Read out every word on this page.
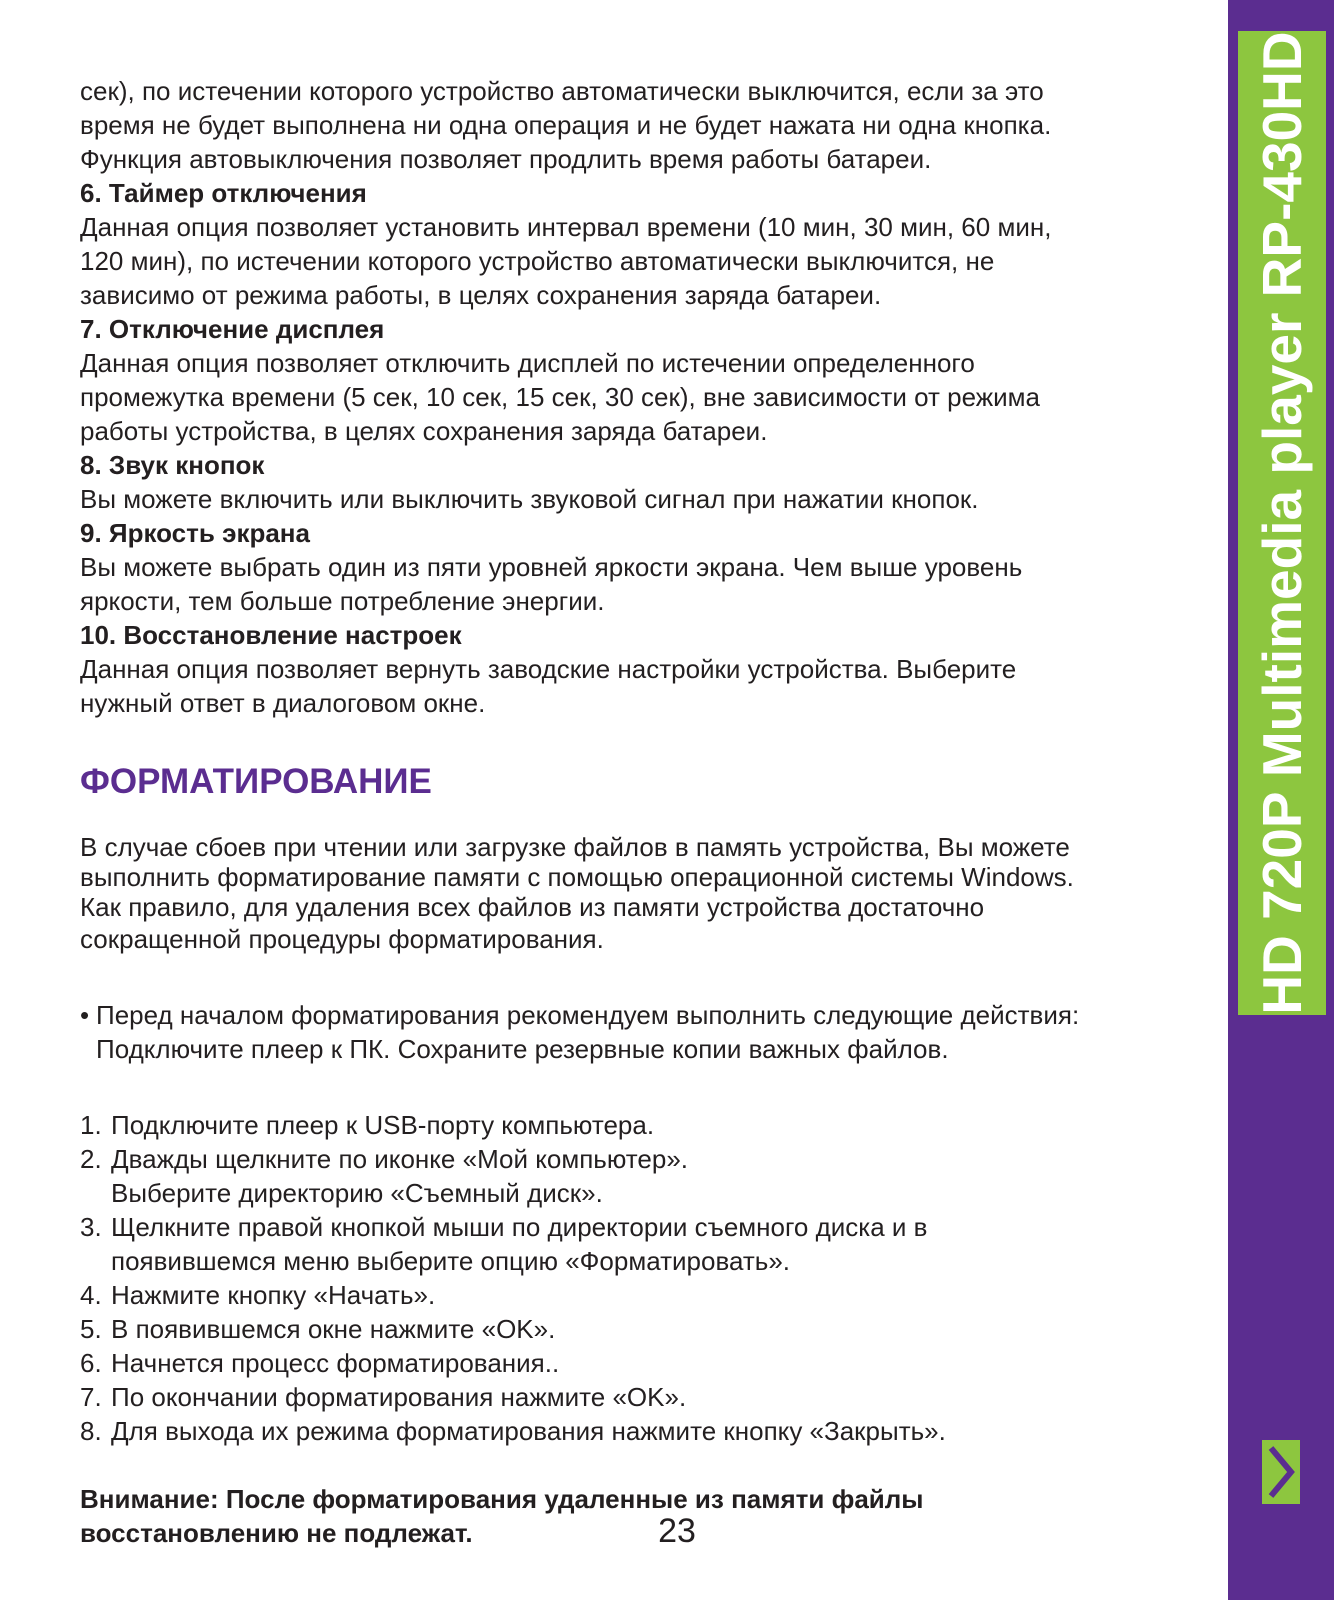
сек), по истечении которого устройство автоматически выключится, если за это

время не будет выполнена ни одна операция и не будет нажата ни одна кнопка.

Функция автовыключения позволяет продлить время работы батареи.

6. Таймер отключения

Данная опция позволяет установить интервал времени (10 мин, 30 мин, 60 мин,

120 мин), по истечении которого устройство автоматически выключится, не

зависимо от режима работы, в целях сохранения заряда батареи.

7. Отключение дисплея

Данная опция позволяет отключить дисплей по истечении определенного

промежутка времени (5 сек, 10 сек, 15 сек, 30 сек), вне зависимости от режима

работы устройства, в целях сохранения заряда батареи.

8. Звук кнопок

Вы можете включить или выключить звуковой сигнал при нажатии кнопок.

9. Яркость экрана

Вы можете выбрать один из пяти уровней яркости экрана. Чем выше уровень

яркости, тем больше потребление энергии.

10. Восстановление настроек

Данная опция позволяет вернуть заводские настройки устройства. Выберите

нужный ответ в диалоговом окне.

ФОРМАТИРОВАНИЕ

В случае сбоев при чтении или загрузке файлов в память устройства, Вы можете

выполнить форматирование памяти с помощью операционной системы Windows.

Как правило, для удаления всех файлов из памяти устройства достаточно

сокращенной процедуры форматирования.

• Перед началом форматирования рекомендуем выполнить следующие действия:

Подключите плеер к ПК. Сохраните резервные копии важных файлов.

1. Подключите плеер к USB-порту компьютера.

2. Дважды щелкните по иконке «Мой компьютер».

Выберите директорию «Съемный диск».

3. Щелкните правой кнопкой мыши по директории съемного диска и в

появившемся меню выберите опцию «Форматировать».

4. Нажмите кнопку «Начать».

5. В появившемся окне нажмите «OK».

6. Начнется процесс форматирования..

7. По окончании форматирования нажмите «OK».

8. Для выхода их режима форматирования нажмите кнопку «Закрыть».

Внимание: После форматирования удаленные из памяти файлы

восстановлению не подлежат.	23
HD 720P Multimedia player RP-430HD
